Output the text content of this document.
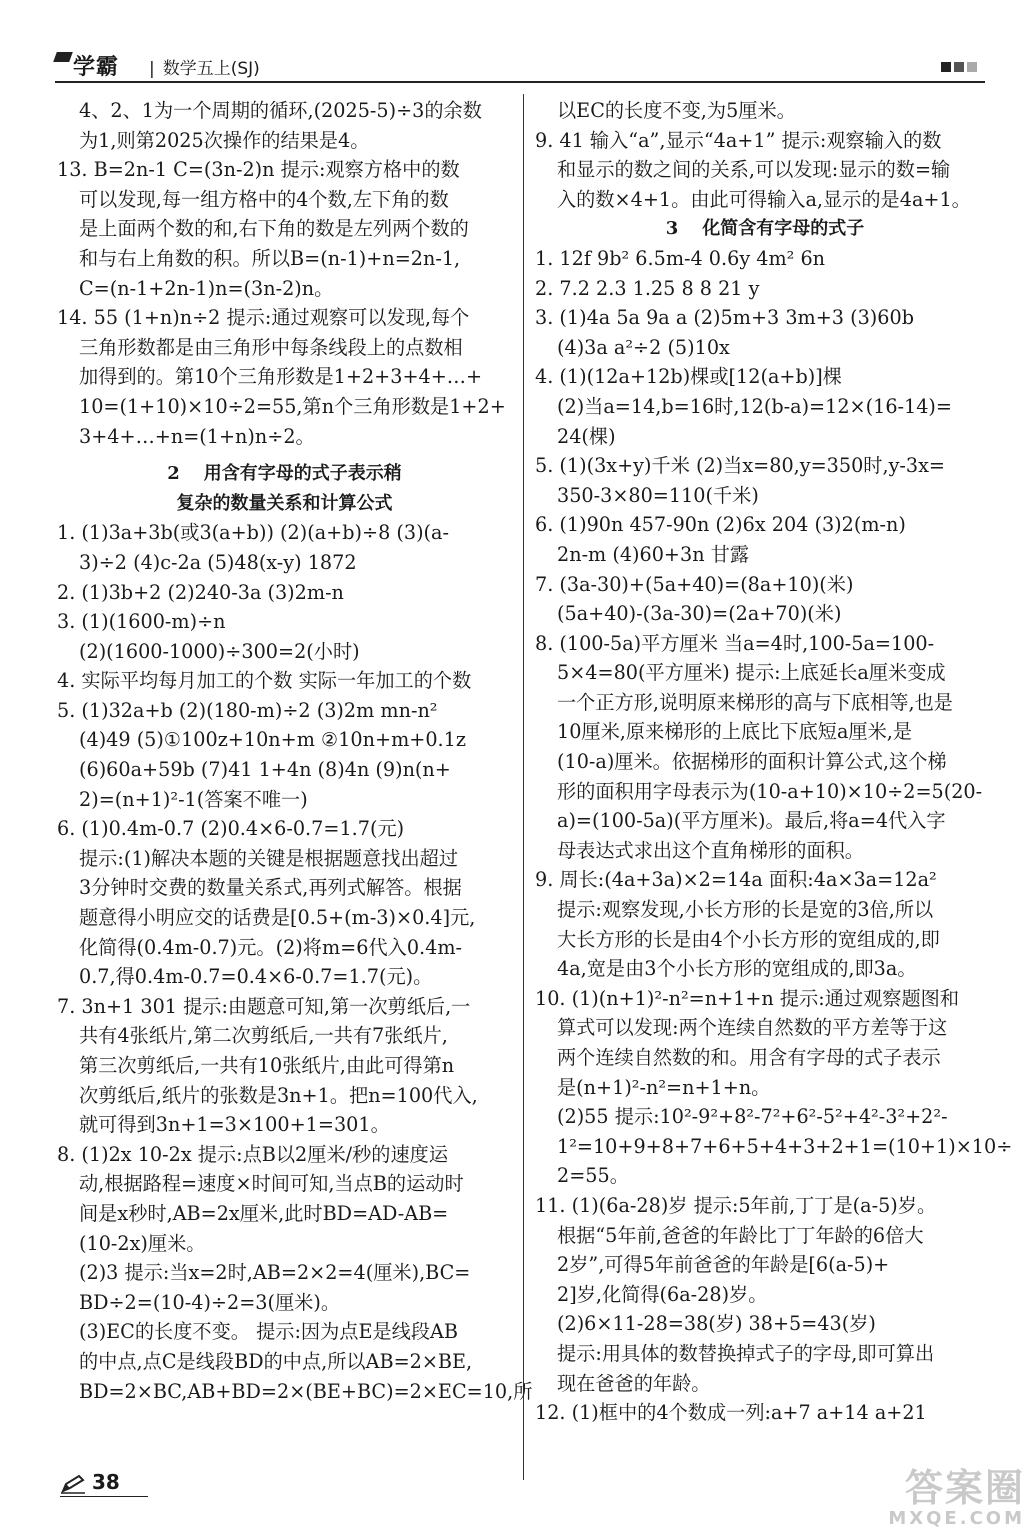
学霸 | 数学五上(SJ)
4、2、1为一个周期的循环,(2025-5)÷3的余数
为1,则第2025次操作的结果是4。
13. B=2n-1 C=(3n-2)n 提示:观察方格中的数
可以发现,每一组方格中的4个数,左下角的数
是上面两个数的和,右下角的数是左列两个数的
和与右上角数的积。所以B=(n-1)+n=2n-1,
C=(n-1+2n-1)n=(3n-2)n。
14. 55 (1+n)n÷2 提示:通过观察可以发现,每个
三角形数都是由三角形中每条线段上的点数相
加得到的。第10个三角形数是1+2+3+4+…+
10=(1+10)×10÷2=55,第n个三角形数是1+2+
3+4+…+n=(1+n)n÷2。
2 用含有字母的式子表示稍
复杂的数量关系和计算公式
1. (1)3a+3b(或3(a+b)) (2)(a+b)÷8 (3)(a-
3)÷2 (4)c-2a (5)48(x-y) 1872
2. (1)3b+2 (2)240-3a (3)2m-n
3. (1)(1600-m)÷n
(2)(1600-1000)÷300=2(小时)
4. 实际平均每月加工的个数 实际一年加工的个数
5. (1)32a+b (2)(180-m)÷2 (3)2m mn-n²
(4)49 (5)①100z+10n+m ②10n+m+0.1z
(6)60a+59b (7)41 1+4n (8)4n (9)n(n+
2)=(n+1)²-1(答案不唯一)
6. (1)0.4m-0.7 (2)0.4×6-0.7=1.7(元)
提示:(1)解决本题的关键是根据题意找出超过
3分钟时交费的数量关系式,再列式解答。根据
题意得小明应交的话费是[0.5+(m-3)×0.4]元,
化简得(0.4m-0.7)元。(2)将m=6代入0.4m-
0.7,得0.4m-0.7=0.4×6-0.7=1.7(元)。
7. 3n+1 301 提示:由题意可知,第一次剪纸后,一
共有4张纸片,第二次剪纸后,一共有7张纸片,
第三次剪纸后,一共有10张纸片,由此可得第n
次剪纸后,纸片的张数是3n+1。把n=100代入,
就可得到3n+1=3×100+1=301。
8. (1)2x 10-2x 提示:点B以2厘米/秒的速度运
动,根据路程=速度×时间可知,当点B的运动时
间是x秒时,AB=2x厘米,此时BD=AD-AB=
(10-2x)厘米。
(2)3 提示:当x=2时,AB=2×2=4(厘米),BC=
BD÷2=(10-4)÷2=3(厘米)。
(3)EC的长度不变。 提示:因为点E是线段AB
的中点,点C是线段BD的中点,所以AB=2×BE,
BD=2×BC,AB+BD=2×(BE+BC)=2×EC=10,所
以EC的长度不变,为5厘米。
9. 41 输入“a”,显示“4a+1” 提示:观察输入的数
和显示的数之间的关系,可以发现:显示的数=输
入的数×4+1。由此可得输入a,显示的是4a+1。
3 化简含有字母的式子
1. 12f 9b² 6.5m-4 0.6y 4m² 6n
2. 7.2 2.3 1.25 8 8 21 y
3. (1)4a 5a 9a a (2)5m+3 3m+3 (3)60b
(4)3a a²÷2 (5)10x
4. (1)(12a+12b)棵或[12(a+b)]棵
(2)当a=14,b=16时,12(b-a)=12×(16-14)=
24(棵)
5. (1)(3x+y)千米 (2)当x=80,y=350时,y-3x=
350-3×80=110(千米)
6. (1)90n 457-90n (2)6x 204 (3)2(m-n)
2n-m (4)60+3n 甘露
7. (3a-30)+(5a+40)=(8a+10)(米)
(5a+40)-(3a-30)=(2a+70)(米)
8. (100-5a)平方厘米 当a=4时,100-5a=100-
5×4=80(平方厘米) 提示:上底延长a厘米变成
一个正方形,说明原来梯形的高与下底相等,也是
10厘米,原来梯形的上底比下底短a厘米,是
(10-a)厘米。依据梯形的面积计算公式,这个梯
形的面积用字母表示为(10-a+10)×10÷2=5(20-
a)=(100-5a)(平方厘米)。最后,将a=4代入字
母表达式求出这个直角梯形的面积。
9. 周长:(4a+3a)×2=14a 面积:4a×3a=12a²
提示:观察发现,小长方形的长是宽的3倍,所以
大长方形的长是由4个小长方形的宽组成的,即
4a,宽是由3个小长方形的宽组成的,即3a。
10. (1)(n+1)²-n²=n+1+n 提示:通过观察题图和
算式可以发现:两个连续自然数的平方差等于这
两个连续自然数的和。用含有字母的式子表示
是(n+1)²-n²=n+1+n。
(2)55 提示:10²-9²+8²-7²+6²-5²+4²-3²+2²-
1²=10+9+8+7+6+5+4+3+2+1=(10+1)×10÷
2=55。
11. (1)(6a-28)岁 提示:5年前,丁丁是(a-5)岁。
根据“5年前,爸爸的年龄比丁丁年龄的6倍大
2岁”,可得5年前爸爸的年龄是[6(a-5)+
2]岁,化简得(6a-28)岁。
(2)6×11-28=38(岁) 38+5=43(岁)
提示:用具体的数替换掉式子的字母,即可算出
现在爸爸的年龄。
12. (1)框中的4个数成一列:a+7 a+14 a+21
38	答案圈
MXQE.COM
